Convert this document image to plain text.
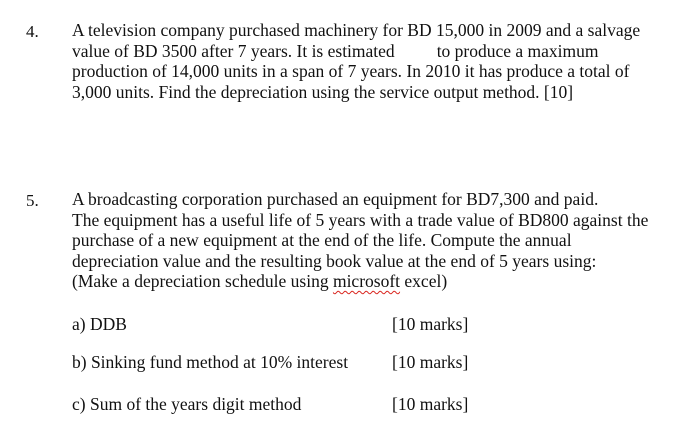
4. A television company purchased machinery for BD 15,000 in 2009 and a salvage
value of BD 3500 after 7 years. It is estimated to produce a maximum
production of 14,000 units in a span of 7 years. In 2010 it has produce a total of
3,000 units. Find the depreciation using the service output method. [10]
5. A broadcasting corporation purchased an equipment for BD7,300 and paid.
The equipment has a useful life of 5 years with a trade value of BD800 against the
purchase of a new equipment at the end of the life. Compute the annual
depreciation value and the resulting book value at the end of 5 years using:
(Make a depreciation schedule using microsoft excel)
a) DDB	[10 marks]
b) Sinking fund method at 10% interest	[10 marks]
c) Sum of the years digit method	[10 marks]
